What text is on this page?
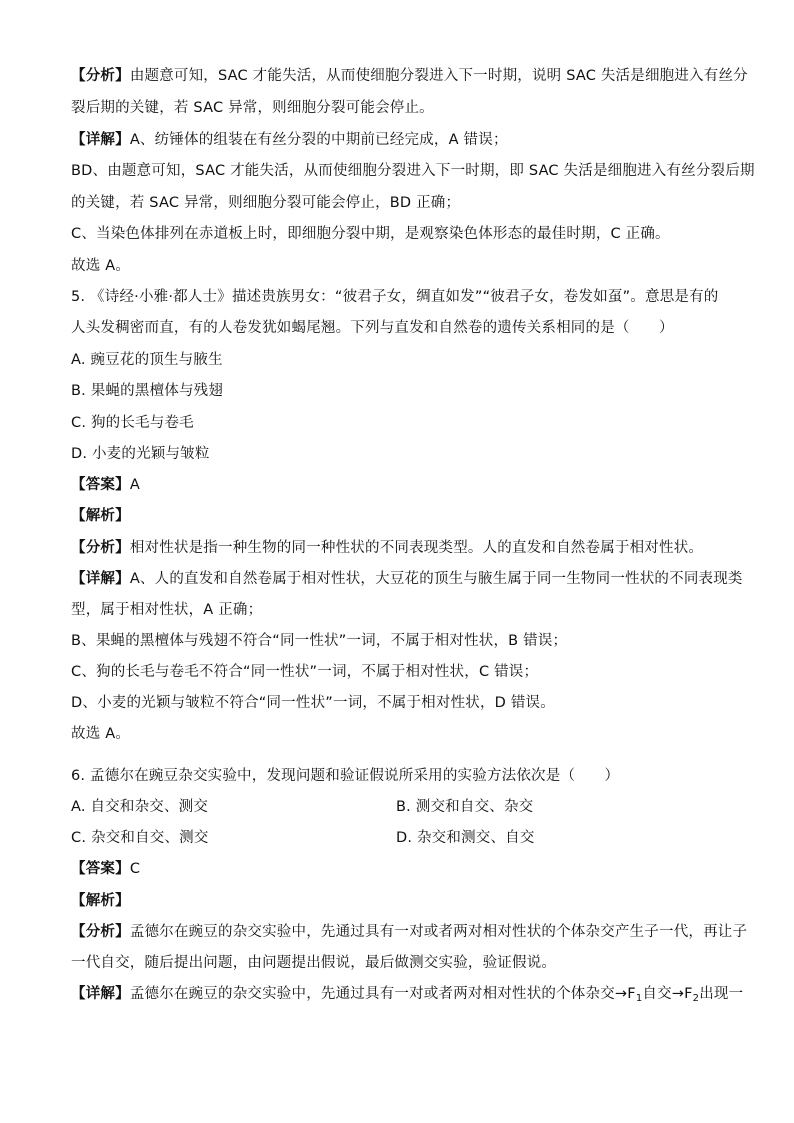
【分析】由题意可知，SAC 才能失活，从而使细胞分裂进入下一时期，说明 SAC 失活是细胞进入有丝分
裂后期的关键，若 SAC 异常，则细胞分裂可能会停止。
【详解】A、纺锤体的组装在有丝分裂的中期前已经完成，A 错误；
BD、由题意可知，SAC 才能失活，从而使细胞分裂进入下一时期，即 SAC 失活是细胞进入有丝分裂后期
的关键，若 SAC 异常，则细胞分裂可能会停止，BD 正确；
C、当染色体排列在赤道板上时，即细胞分裂中期，是观察染色体形态的最佳时期，C 正确。
故选 A。
5. 《诗经·小雅·都人士》描述贵族男女：“彼君子女，绸直如发”“彼君子女，卷发如虿”。意思是有的
人头发稠密而直，有的人卷发犹如蝎尾翘。下列与直发和自然卷的遗传关系相同的是（　　）
A. 豌豆花的顶生与腋生
B. 果蝇的黑檀体与残翅
C. 狗的长毛与卷毛
D. 小麦的光颖与皱粒
【答案】A
【解析】
【分析】相对性状是指一种生物的同一种性状的不同表现类型。人的直发和自然卷属于相对性状。
【详解】A、人的直发和自然卷属于相对性状，大豆花的顶生与腋生属于同一生物同一性状的不同表现类
型，属于相对性状，A 正确；
B、果蝇的黑檀体与残翅不符合“同一性状”一词，不属于相对性状，B 错误；
C、狗的长毛与卷毛不符合“同一性状”一词，不属于相对性状，C 错误；
D、小麦的光颖与皱粒不符合“同一性状”一词，不属于相对性状，D 错误。
故选 A。
6. 孟德尔在豌豆杂交实验中，发现问题和验证假说所采用的实验方法依次是（　　）
A. 自交和杂交、测交	B. 测交和自交、杂交
C. 杂交和自交、测交	D. 杂交和测交、自交
【答案】C
【解析】
【分析】孟德尔在豌豆的杂交实验中，先通过具有一对或者两对相对性状的个体杂交产生子一代，再让子
一代自交，随后提出问题，由问题提出假说，最后做测交实验，验证假说。
【详解】孟德尔在豌豆的杂交实验中，先通过具有一对或者两对相对性状的个体杂交$\to F_1$自交$\to F_2$出现一
